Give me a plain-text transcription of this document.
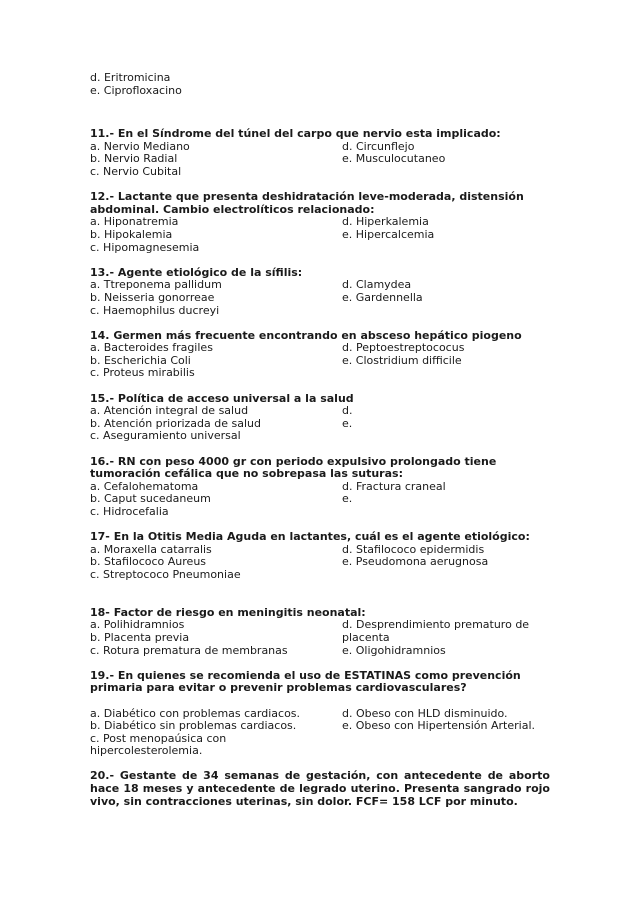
d. Eritromicina
e. Ciprofloxacino
11.- En el Síndrome del túnel del carpo que nervio esta implicado:
a. Nervio Mediano	d. Circunflejo
b. Nervio Radial	e. Musculocutaneo
c. Nervio Cubital
12.- Lactante que presenta deshidratación leve-moderada, distensión
abdominal. Cambio electrolíticos relacionado:
a. Hiponatremia	d. Hiperkalemia
b. Hipokalemia	e. Hipercalcemia
c. Hipomagnesemia
13.- Agente etiológico de la sífilis:
a. Ttreponema pallidum	d. Clamydea
b. Neisseria gonorreae	e. Gardennella
c. Haemophilus ducreyi
14. Germen más frecuente encontrando en absceso hepático piogeno
a. Bacteroides fragiles	d. Peptoestreptococus
b. Escherichia Coli	e. Clostridium difficile
c. Proteus mirabilis
15.- Política de acceso universal a la salud
a. Atención integral de salud	d.
b. Atención priorizada de salud	e.
c. Aseguramiento universal
16.- RN con peso 4000 gr con periodo expulsivo prolongado tiene
tumoración cefálica que no sobrepasa las suturas:
a. Cefalohematoma	d. Fractura craneal
b. Caput sucedaneum	e.
c. Hidrocefalia
17- En la Otitis Media Aguda en lactantes, cuál es el agente etiológico:
a. Moraxella catarralis	d. Stafilococo epidermidis
b. Stafilococo Aureus	e. Pseudomona aerugnosa
c. Streptococo Pneumoniae
18- Factor de riesgo en meningitis neonatal:
a. Polihidramnios	d. Desprendimiento prematuro de
b. Placenta previa	placenta
c. Rotura prematura de membranas	e. Oligohidramnios
19.- En quienes se recomienda el uso de ESTATINAS como prevención
primaria para evitar o prevenir problemas cardiovasculares?
a. Diabético con problemas cardiacos.	d. Obeso con HLD disminuido.
b. Diabético sin problemas cardiacos.	e. Obeso con Hipertensión Arterial.
c. Post menopaúsica con
hipercolesterolemia.
20.- Gestante de 34 semanas de gestación, con antecedente de aborto
hace 18 meses y antecedente de legrado uterino. Presenta sangrado rojo
vivo, sin contracciones uterinas, sin dolor. FCF= 158 LCF por minuto.
